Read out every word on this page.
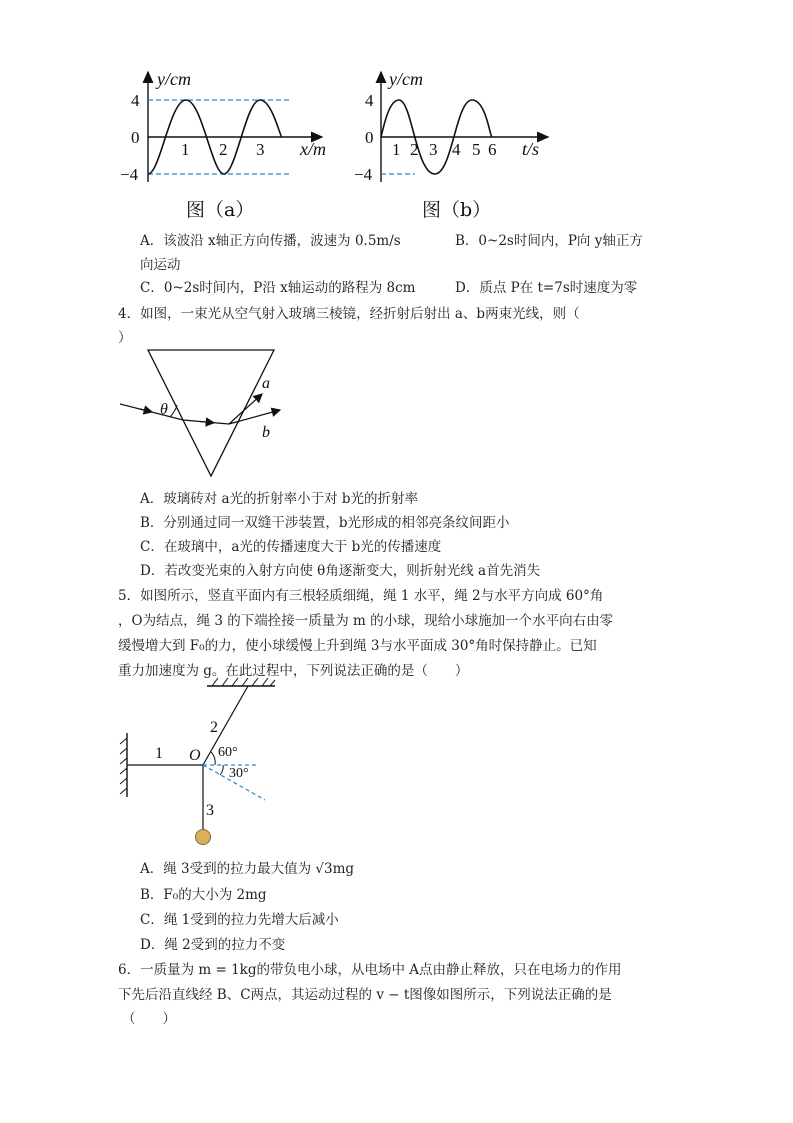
4
0
−4
1 2 3
y/cm
x/m
图（a）
4
0
−4
1 2 3 4 5 6
y/cm
t/s
图（b）
A．该波沿 x轴正方向传播，波速为 0.5m/s	B．0~2s时间内，P向 y轴正方
向运动
C．0~2s时间内，P沿 x轴运动的路程为 8cm	D．质点 P在 t=7s时速度为零
4．如图，一束光从空气射入玻璃三棱镜，经折射后射出 a、b两束光线，则（
）
θ
a
b
A．玻璃砖对 a光的折射率小于对 b光的折射率
B．分别通过同一双缝干涉装置，b光形成的相邻亮条纹间距小
C．在玻璃中，a光的传播速度大于 b光的传播速度
D．若改变光束的入射方向使 θ角逐渐变大，则折射光线 a首先消失
5．如图所示，竖直平面内有三根轻质细绳，绳 1 水平，绳 2与水平方向成 60°角
，O为结点，绳 3 的下端拴接一质量为 m 的小球，现给小球施加一个水平向右由零
缓慢增大到 F₀的力，使小球缓慢上升到绳 3与水平面成 30°角时保持静止。已知
重力加速度为 g。在此过程中，下列说法正确的是（　　）
1
2
3
O 60°
30°
A．绳 3受到的拉力最大值为 √3mg
B．F₀的大小为 2mg
C．绳 1受到的拉力先增大后减小
D．绳 2受到的拉力不变
6．一质量为 m = 1kg的带负电小球，从电场中 A点由静止释放，只在电场力的作用
下先后沿直线经 B、C两点，其运动过程的 v − t图像如图所示，下列说法正确的是
（　　）
